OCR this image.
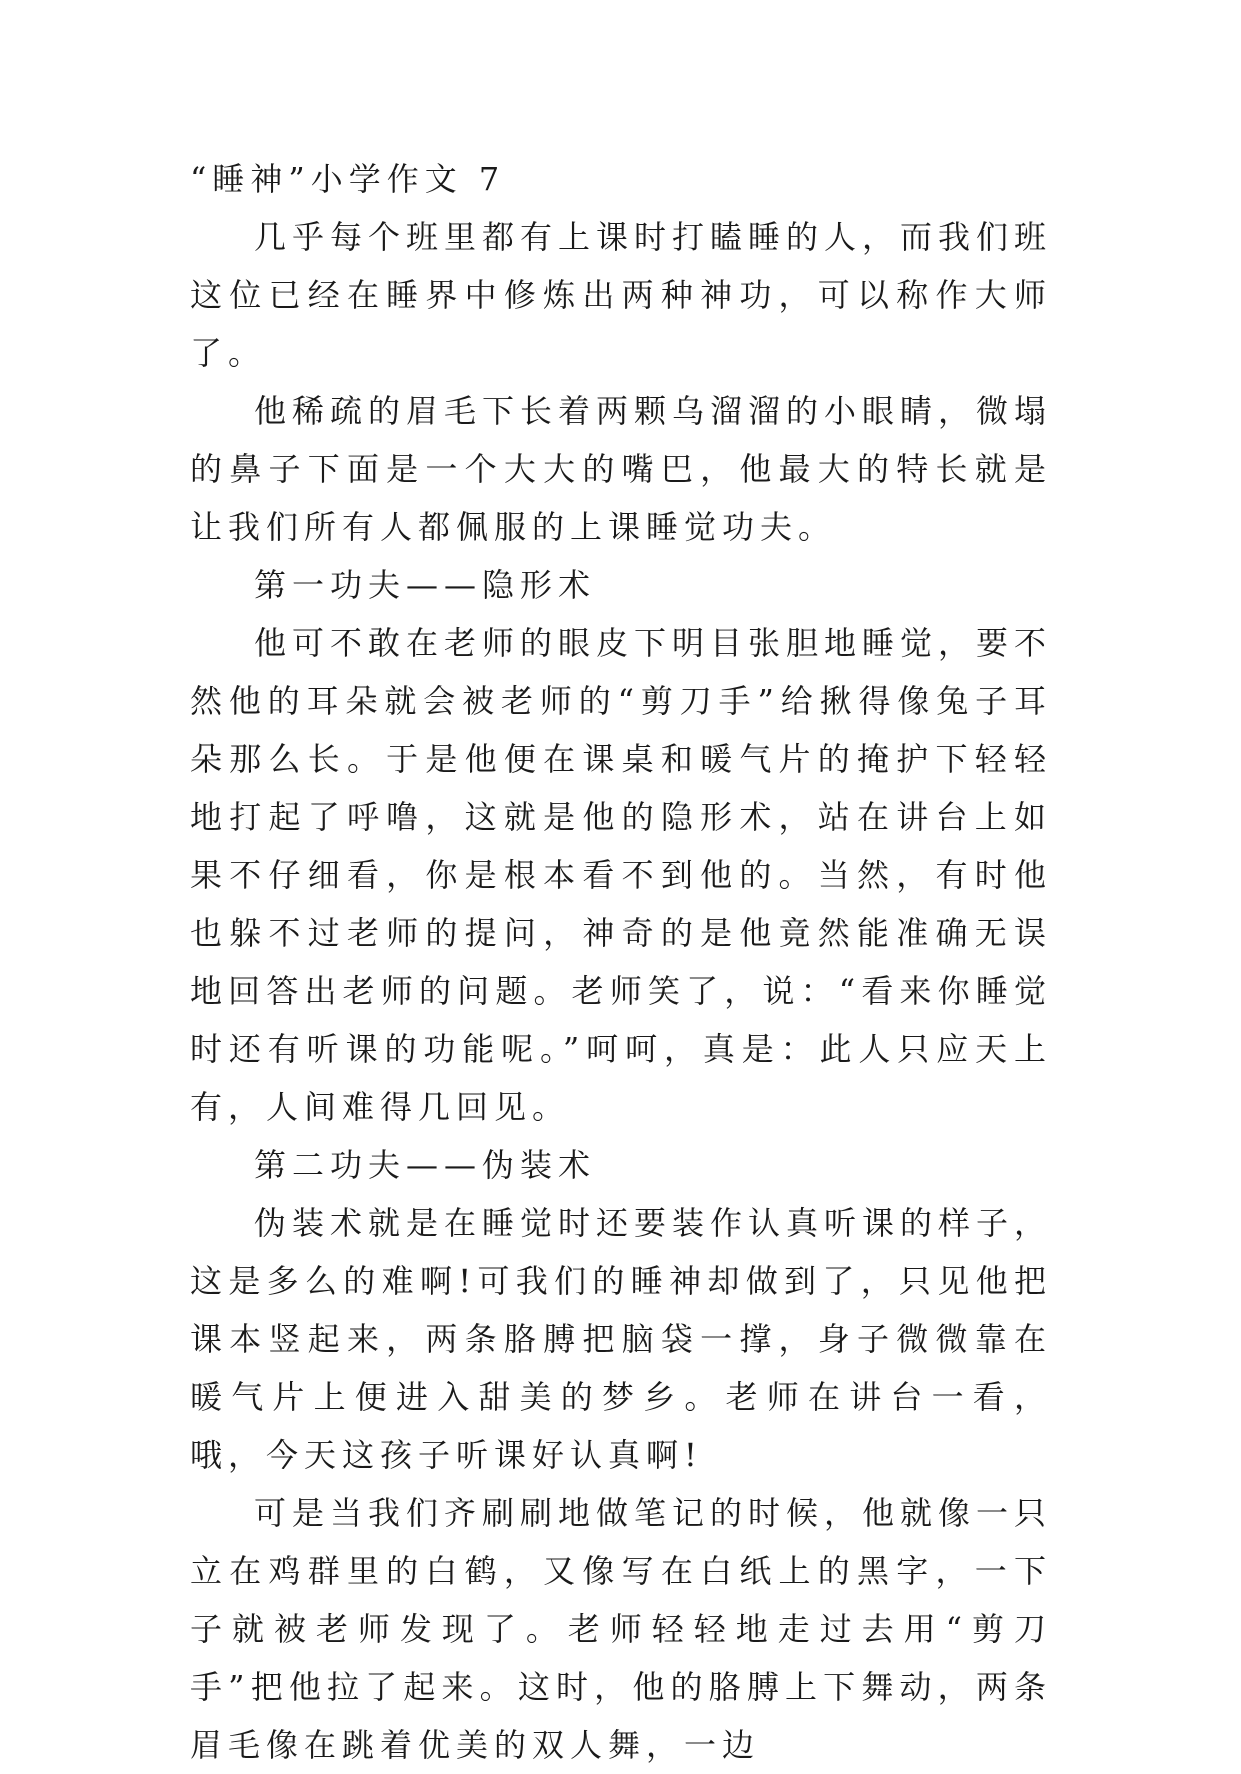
“睡神”小学作文 7

几乎每个班里都有上课时打瞌睡的人，而我们班这位已经在睡界中修炼出两种神功，可以称作大师了。

他稀疏的眉毛下长着两颗乌溜溜的小眼睛，微塌的鼻子下面是一个大大的嘴巴，他最大的特长就是让我们所有人都佩服的上课睡觉功夫。

第一功夫——隐形术

他可不敢在老师的眼皮下明目张胆地睡觉，要不然他的耳朵就会被老师的“剪刀手”给揪得像兔子耳朵那么长。于是他便在课桌和暖气片的掩护下轻轻地打起了呼噜，这就是他的隐形术，站在讲台上如果不仔细看，你是根本看不到他的。当然，有时他也躲不过老师的提问，神奇的是他竟然能准确无误地回答出老师的问题。老师笑了，说：“看来你睡觉时还有听课的功能呢。”呵呵，真是：此人只应天上有，人间难得几回见。

第二功夫——伪装术

伪装术就是在睡觉时还要装作认真听课的样子，这是多么的难啊!可我们的睡神却做到了，只见他把课本竖起来，两条胳膊把脑袋一撑，身子微微靠在暖气片上便进入甜美的梦乡。老师在讲台一看，哦，今天这孩子听课好认真啊!

可是当我们齐刷刷地做笔记的时候，他就像一只立在鸡群里的白鹤，又像写在白纸上的黑字，一下子就被老师发现了。老师轻轻地走过去用“剪刀手”把他拉了起来。这时，他的胳膊上下舞动，两条眉毛像在跳着优美的双人舞，一边
